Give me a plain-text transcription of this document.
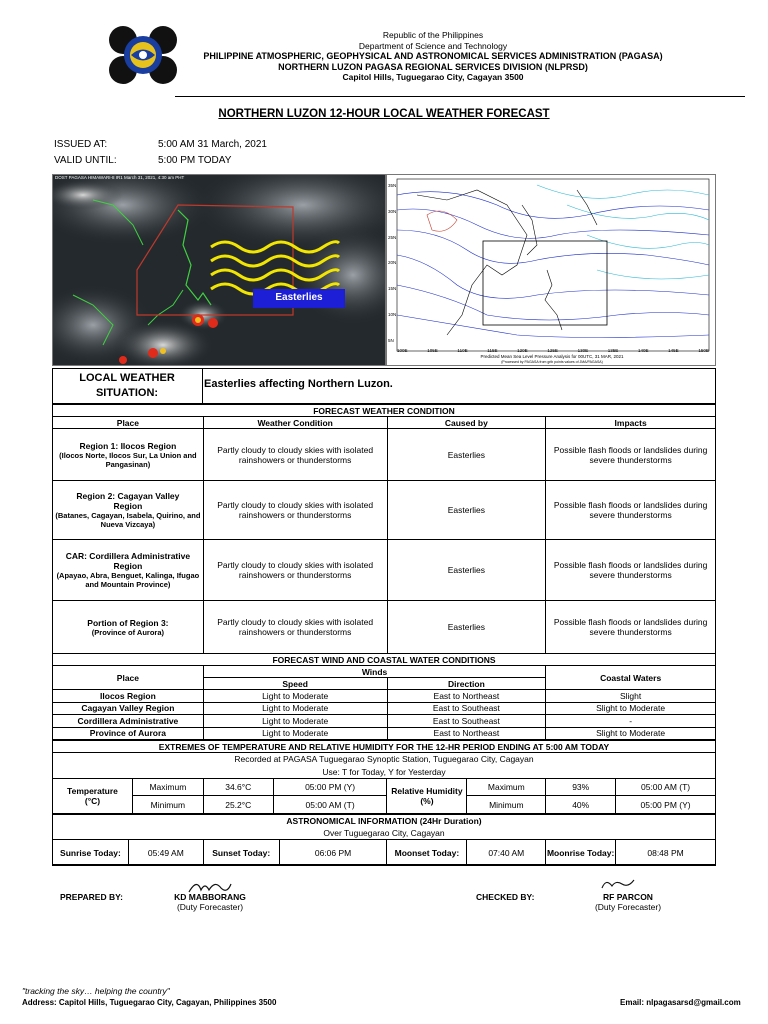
Republic of the Philippines
Department of Science and Technology
PHILIPPINE ATMOSPHERIC, GEOPHYSICAL AND ASTRONOMICAL SERVICES ADMINISTRATION (PAGASA)
NORTHERN LUZON PAGASA REGIONAL SERVICES DIVISION (NLPRSD)
Capitol Hills, Tuguegarao City, Cagayan 3500
NORTHERN LUZON 12-HOUR LOCAL WEATHER FORECAST
ISSUED AT:	5:00 AM 31 March, 2021
VALID UNTIL:	5:00 PM TODAY
DOST PAGASA HIMAWARI-8 IR1 March 31, 2021, 4:30 am PHT
Easterlies
100E	105E	110E	115E	120E	125E	130E	135E	140E	145E	150E
35N
30N
25N
20N
15N
10N
5N
Predicted Mean Sea Level Pressure Analysis for 00UTC, 31 MAR, 2021
(Processed by PAGASA from grib points values of JMA/PAGASA)
LOCAL WEATHER
SITUATION:
Easterlies affecting Northern Luzon.
FORECAST WEATHER CONDITION			
Place	Weather Condition	Caused by	Impacts

Region 1: Ilocos Region
(Ilocos Norte, Ilocos Sur, La Union and Pangasinan)	Partly cloudy to cloudy skies with isolated rainshowers or thunderstorms	Easterlies	Possible flash floods or landslides during severe thunderstorms

Region 2: Cagayan Valley
Region
(Batanes, Cagayan, Isabela, Quirino, and Nueva Vizcaya)	Partly cloudy to cloudy skies with isolated rainshowers or thunderstorms	Easterlies	Possible flash floods or landslides during severe thunderstorms

CAR: Cordillera Administrative
Region
(Apayao, Abra, Benguet, Kalinga, Ifugao and Mountain Province)	Partly cloudy to cloudy skies with isolated rainshowers or thunderstorms	Easterlies	Possible flash floods or landslides during severe thunderstorms

Portion of Region 3:
(Province of Aurora)	Partly cloudy to cloudy skies with isolated rainshowers or thunderstorms	Easterlies	Possible flash floods or landslides during severe thunderstorms
FORECAST WIND AND COASTAL WATER CONDITIONS			
Place	Winds		Coastal Waters
	Speed	Direction	
Ilocos Region	Light to Moderate	East to Northeast	Slight
Cagayan Valley Region	Light to Moderate	East to Southeast	Slight to Moderate
Cordillera Administrative	Light to Moderate	East to Southeast	-
Province of Aurora	Light to Moderate	East to Northeast	Slight to Moderate
EXTREMES OF TEMPERATURE AND RELATIVE HUMIDITY FOR THE 12-HR PERIOD ENDING AT 5:00 AM TODAY							
Recorded at PAGASA Tuguegarao Synoptic Station, Tuguegarao City, Cagayan							
Use: T for Today, Y for Yesterday							

Temperature
(°C)	Maximum	34.6°C	05:00 PM (Y)	Relative Humidity (%)	Maximum	93%	05:00 AM (T)
	Minimum	25.2°C	05:00 AM (T)		Minimum	40%	05:00 PM (Y)
ASTRONOMICAL INFORMATION (24Hr Duration)
Over Tuguegarao City, Cagayan
Sunrise Today:	05:49 AM	Sunset Today:	06:06 PM	Moonset Today:	07:40 AM	Moonrise Today:	08:48 PM
PREPARED BY:	KD MABBORANG
(Duty Forecaster)
CHECKED BY:	RF PARCON
(Duty Forecaster)
"tracking the sky… helping the country"
Address: Capitol Hills, Tuguegarao City, Cagayan, Philippines 3500	Email: nlpagasarsd@gmail.com
